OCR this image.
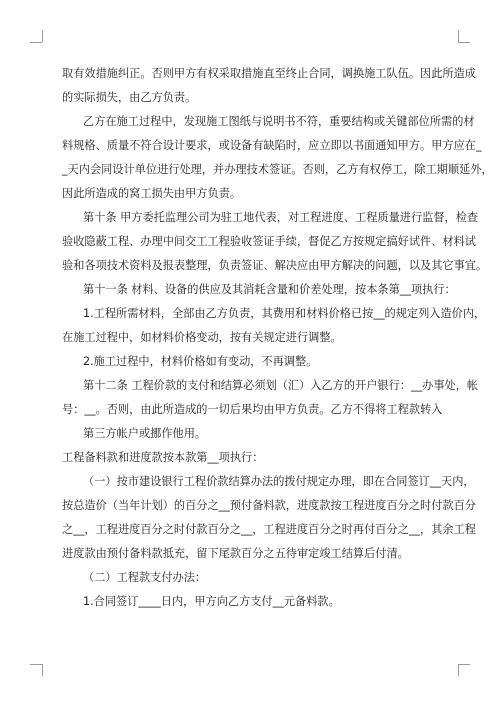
取有效措施纠正。否则甲方有权采取措施直至终止合同，调换施工队伍。因此所造成
的实际损失，由乙方负责。
乙方在施工过程中，发现施工图纸与说明书不符，重要结构或关键部位所需的材
料规格、质量不符合设计要求，或设备有缺陷时，应立即以书面通知甲方。甲方应在_
_天内会同设计单位进行处理，并办理技术签证。否则，乙方有权停工，除工期顺延外，
因此所造成的窝工损失由甲方负责。
第十条 甲方委托监理公司为驻工地代表，对工程进度、工程质量进行监督，检查
验收隐蔽工程、办理中间交工工程验收签证手续，督促乙方按规定搞好试件、材料试
验和各项技术资料及报表整理，负责签证、解决应由甲方解决的问题，以及其它事宜。
第十一条 材料、设备的供应及其消耗含量和价差处理，按本条第__项执行：
1.工程所需材料，全部由乙方负责，其费用和材料价格已按__的规定列入造价内，
在施工过程中，如材料价格变动，按有关规定进行调整。
2.施工过程中，材料价格如有变动，不再调整。
第十二条 工程价款的支付和结算必须划（汇）入乙方的开户银行：__办事处，帐
号：__。否则，由此所造成的一切后果均由甲方负责。乙方不得将工程款转入
第三方帐户或挪作他用。
工程备料款和进度款按本款第__项执行：
（一）按市建设银行工程价款结算办法的拨付规定办理，即在合同签订__天内，
按总造价（当年计划）的百分之__预付备料款，进度款按工程进度百分之时付款百分
之__，工程进度百分之时付款百分之__，工程进度百分之时再付百分之__，其余工程
进度款由预付备料款抵充，留下尾款百分之五待审定竣工结算后付清。
（二）工程款支付办法：
1.合同签订____日内，甲方向乙方支付__元备料款。
